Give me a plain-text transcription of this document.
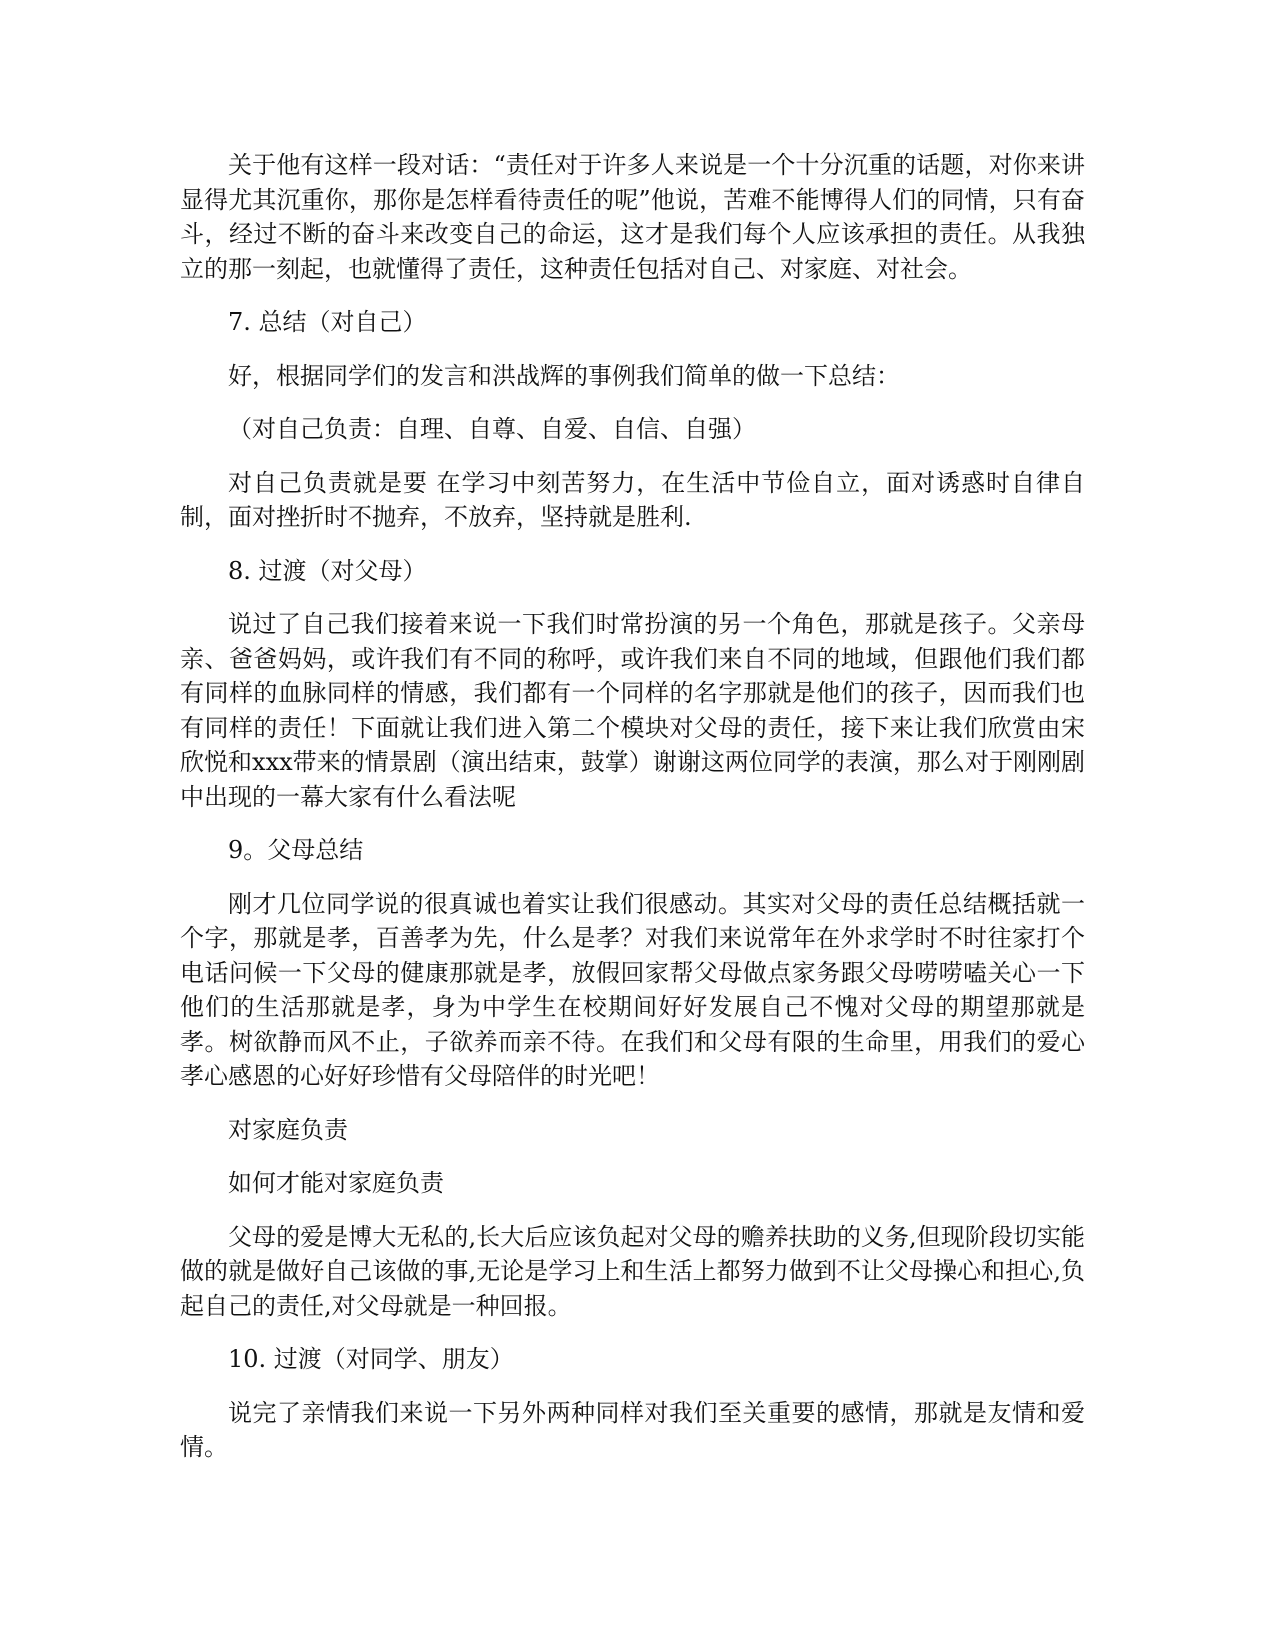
关于他有这样一段对话：“责任对于许多人来说是一个十分沉重的话题，对你来讲显得尤其沉重你，那你是怎样看待责任的呢”他说，苦难不能博得人们的同情，只有奋斗，经过不断的奋斗来改变自己的命运，这才是我们每个人应该承担的责任。从我独立的那一刻起，也就懂得了责任，这种责任包括对自己、对家庭、对社会。

7. 总结（对自己）

好，根据同学们的发言和洪战辉的事例我们简单的做一下总结：

（对自己负责：自理、自尊、自爱、自信、自强）

对自己负责就是要 在学习中刻苦努力，在生活中节俭自立，面对诱惑时自律自制，面对挫折时不抛弃，不放弃，坚持就是胜利.

8. 过渡（对父母）

说过了自己我们接着来说一下我们时常扮演的另一个角色，那就是孩子。父亲母亲、爸爸妈妈，或许我们有不同的称呼，或许我们来自不同的地域，但跟他们我们都有同样的血脉同样的情感，我们都有一个同样的名字那就是他们的孩子，因而我们也有同样的责任！下面就让我们进入第二个模块对父母的责任，接下来让我们欣赏由宋欣悦和xxx带来的情景剧（演出结束，鼓掌）谢谢这两位同学的表演，那么对于刚刚剧中出现的一幕大家有什么看法呢

9。父母总结

刚才几位同学说的很真诚也着实让我们很感动。其实对父母的责任总结概括就一个字，那就是孝，百善孝为先，什么是孝？对我们来说常年在外求学时不时往家打个电话问候一下父母的健康那就是孝，放假回家帮父母做点家务跟父母唠唠嗑关心一下他们的生活那就是孝，身为中学生在校期间好好发展自己不愧对父母的期望那就是孝。树欲静而风不止，子欲养而亲不待。在我们和父母有限的生命里，用我们的爱心孝心感恩的心好好珍惜有父母陪伴的时光吧！

对家庭负责

如何才能对家庭负责

父母的爱是博大无私的,长大后应该负起对父母的赡养扶助的义务,但现阶段切实能做的就是做好自己该做的事,无论是学习上和生活上都努力做到不让父母操心和担心,负起自己的责任,对父母就是一种回报。

10. 过渡（对同学、朋友）

说完了亲情我们来说一下另外两种同样对我们至关重要的感情，那就是友情和爱情。
